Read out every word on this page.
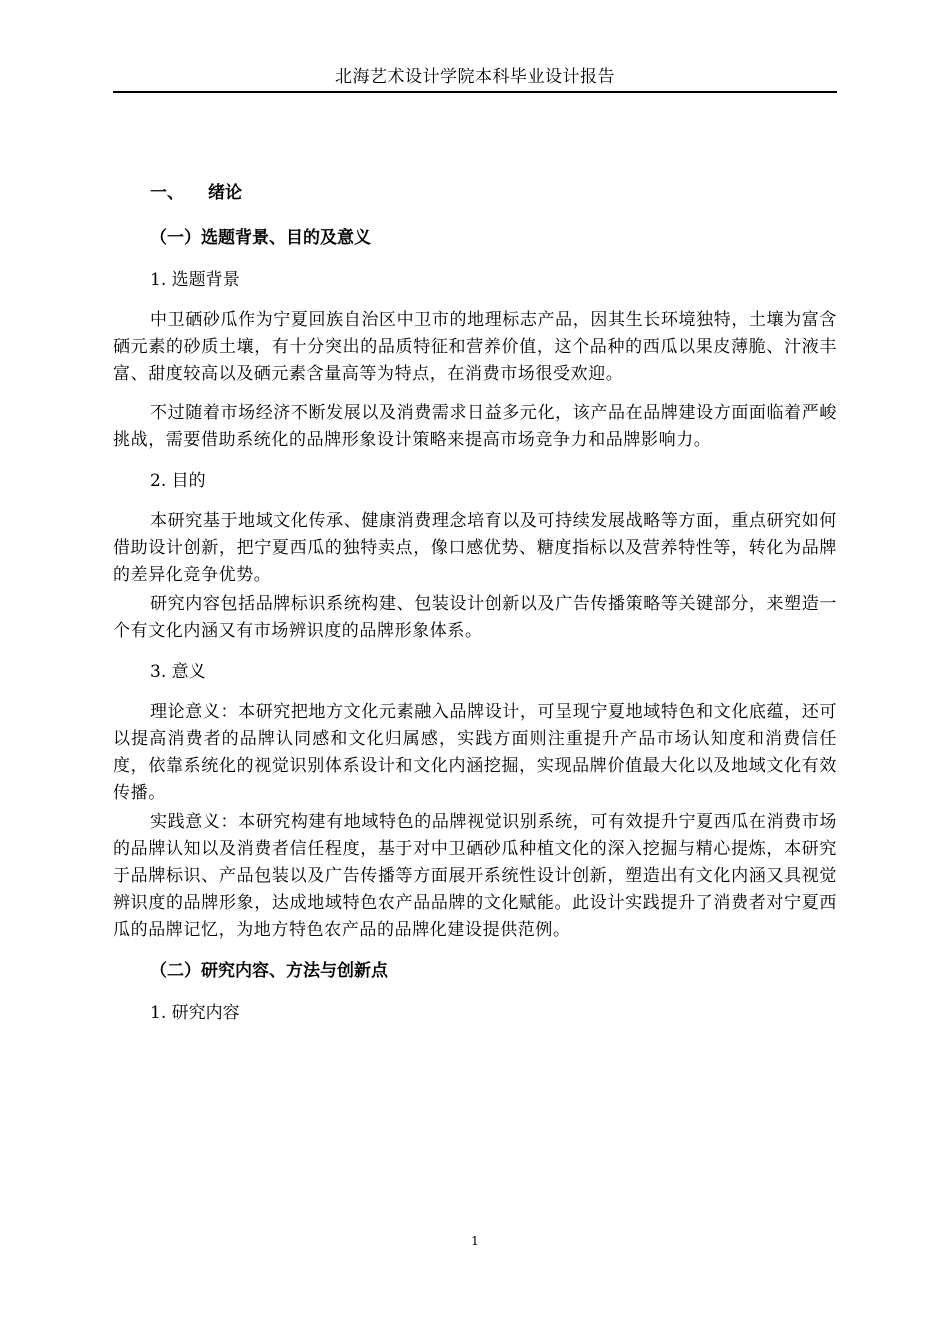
北海艺术设计学院本科毕业设计报告
一、 绪论
（一）选题背景、目的及意义
1. 选题背景

中卫硒砂瓜作为宁夏回族自治区中卫市的地理标志产品，因其生长环境独特，土壤为富含硒元素的砂质土壤，有十分突出的品质特征和营养价值，这个品种的西瓜以果皮薄脆、汁液丰富、甜度较高以及硒元素含量高等为特点，在消费市场很受欢迎。

不过随着市场经济不断发展以及消费需求日益多元化，该产品在品牌建设方面面临着严峻挑战，需要借助系统化的品牌形象设计策略来提高市场竞争力和品牌影响力。

2. 目的

本研究基于地域文化传承、健康消费理念培育以及可持续发展战略等方面，重点研究如何借助设计创新，把宁夏西瓜的独特卖点，像口感优势、糖度指标以及营养特性等，转化为品牌的差异化竞争优势。

研究内容包括品牌标识系统构建、包装设计创新以及广告传播策略等关键部分，来塑造一个有文化内涵又有市场辨识度的品牌形象体系。

3. 意义

理论意义：本研究把地方文化元素融入品牌设计，可呈现宁夏地域特色和文化底蕴，还可以提高消费者的品牌认同感和文化归属感，实践方面则注重提升产品市场认知度和消费信任度，依靠系统化的视觉识别体系设计和文化内涵挖掘，实现品牌价值最大化以及地域文化有效传播。

实践意义：本研究构建有地域特色的品牌视觉识别系统，可有效提升宁夏西瓜在消费市场的品牌认知以及消费者信任程度，基于对中卫硒砂瓜种植文化的深入挖掘与精心提炼，本研究于品牌标识、产品包装以及广告传播等方面展开系统性设计创新，塑造出有文化内涵又具视觉辨识度的品牌形象，达成地域特色农产品品牌的文化赋能。此设计实践提升了消费者对宁夏西瓜的品牌记忆，为地方特色农产品的品牌化建设提供范例。

（二）研究内容、方法与创新点
1. 研究内容
1
